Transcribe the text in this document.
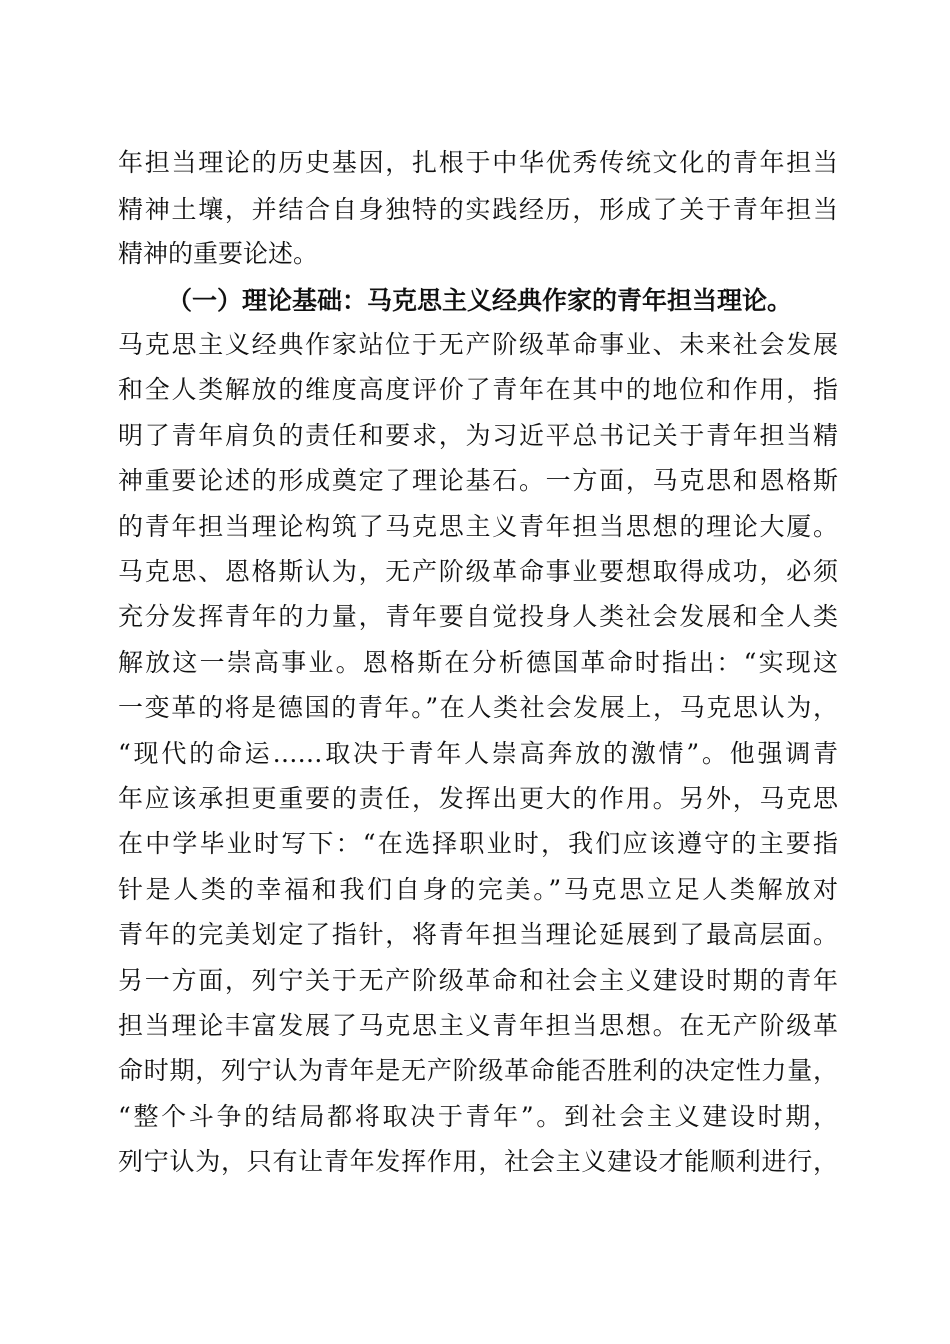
年担当理论的历史基因，扎根于中华优秀传统文化的青年担当
精神土壤，并结合自身独特的实践经历，形成了关于青年担当
精神的重要论述。
（一）理论基础：马克思主义经典作家的青年担当理论。
马克思主义经典作家站位于无产阶级革命事业、未来社会发展
和全人类解放的维度高度评价了青年在其中的地位和作用，指
明了青年肩负的责任和要求，为习近平总书记关于青年担当精
神重要论述的形成奠定了理论基石。一方面，马克思和恩格斯
的青年担当理论构筑了马克思主义青年担当思想的理论大厦。
马克思、恩格斯认为，无产阶级革命事业要想取得成功，必须
充分发挥青年的力量，青年要自觉投身人类社会发展和全人类
解放这一崇高事业。恩格斯在分析德国革命时指出：“实现这
一变革的将是德国的青年。”在人类社会发展上，马克思认为，
“现代的命运……取决于青年人崇高奔放的激情”。他强调青
年应该承担更重要的责任，发挥出更大的作用。另外，马克思
在中学毕业时写下：“在选择职业时，我们应该遵守的主要指
针是人类的幸福和我们自身的完美。”马克思立足人类解放对
青年的完美划定了指针，将青年担当理论延展到了最高层面。
另一方面，列宁关于无产阶级革命和社会主义建设时期的青年
担当理论丰富发展了马克思主义青年担当思想。在无产阶级革
命时期，列宁认为青年是无产阶级革命能否胜利的决定性力量，
“整个斗争的结局都将取决于青年”。到社会主义建设时期，
列宁认为，只有让青年发挥作用，社会主义建设才能顺利进行，
